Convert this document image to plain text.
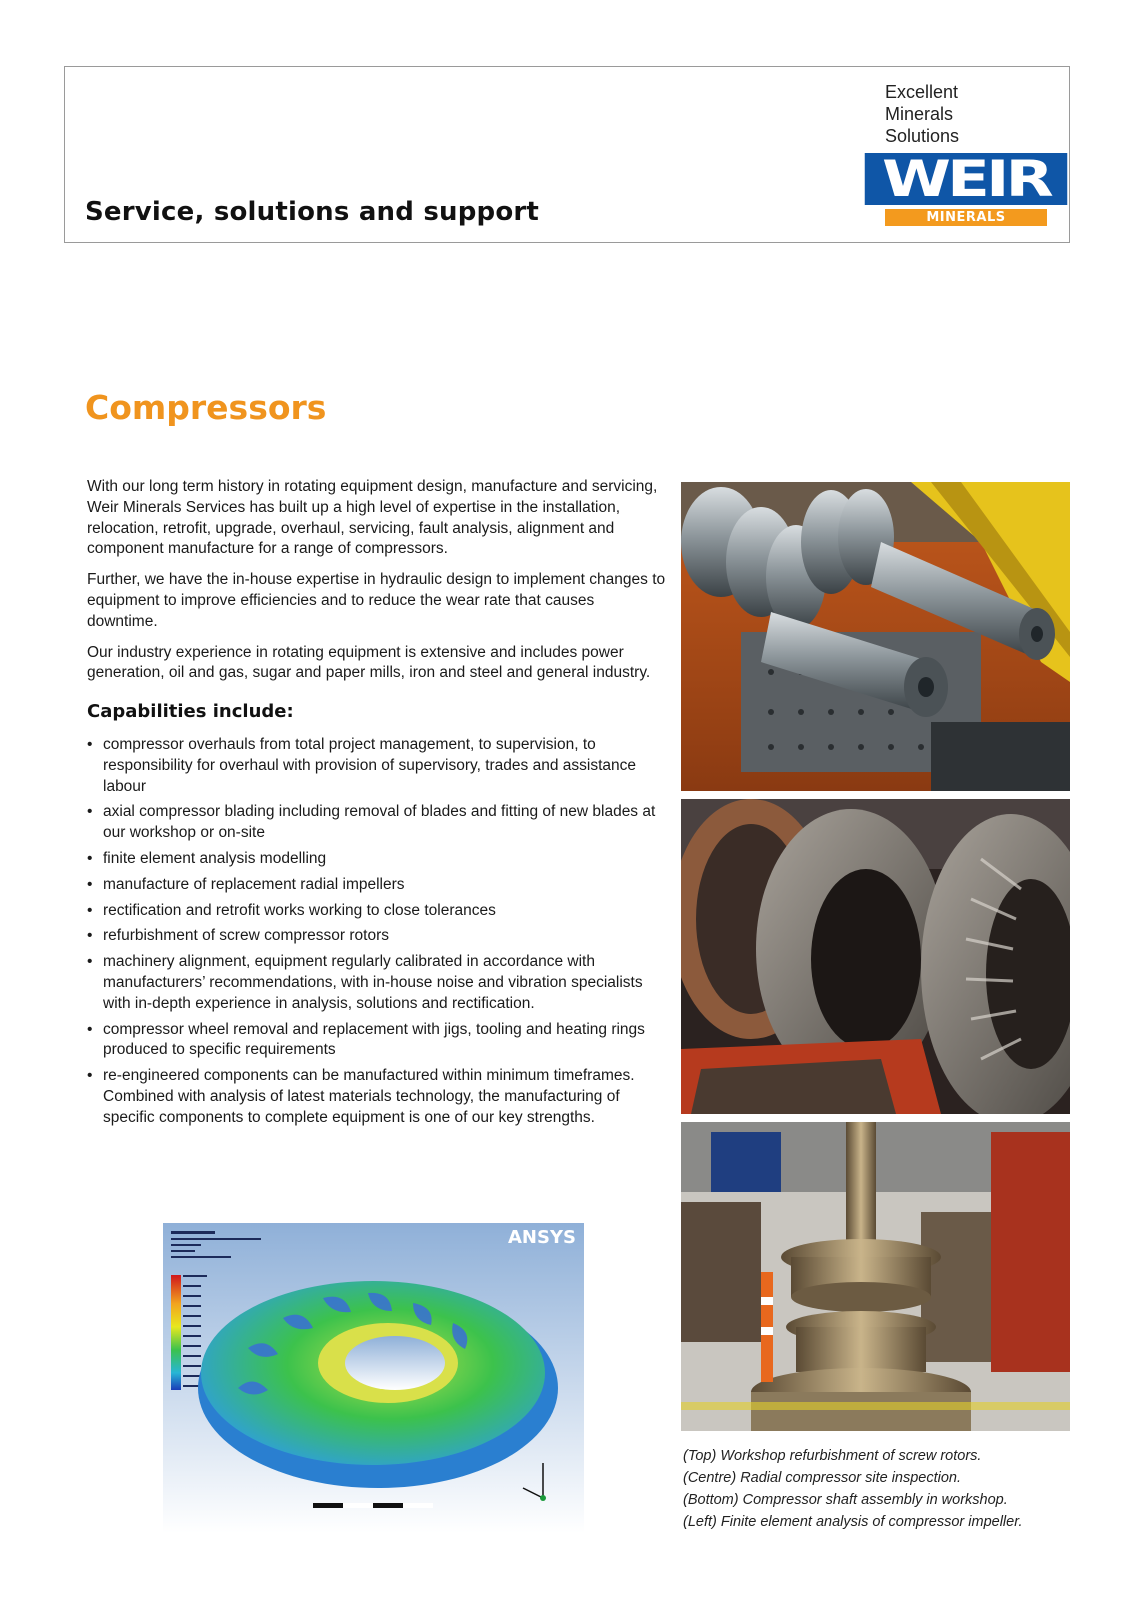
Service, solutions and support
Excellent
Minerals
Solutions
WEIR
MINERALS
Compressors

With our long term history in rotating equipment design, manufacture and servicing, Weir Minerals Services has built up a high level of expertise in the installation, relocation, retrofit, upgrade, overhaul, servicing, fault analysis, alignment and component manufacture for a range of compressors.

Further, we have the in-house expertise in hydraulic design to implement changes to equipment to improve efficiencies and to reduce the wear rate that causes downtime.

Our industry experience in rotating equipment is extensive and includes power generation, oil and gas, sugar and paper mills, iron and steel and general industry.

Capabilities include:
• compressor overhauls from total project management, to supervision, to responsibility for overhaul with provision of supervisory, trades and assistance labour
• axial compressor blading including removal of blades and fitting of new blades at our workshop or on-site
• finite element analysis modelling
• manufacture of replacement radial impellers
• rectification and retrofit works working to close tolerances
• refurbishment of screw compressor rotors
• machinery alignment, equipment regularly calibrated in accordance with manufacturers’ recommendations, with in-house noise and vibration specialists with in-depth experience in analysis, solutions and rectification.
• compressor wheel removal and replacement with jigs, tooling and heating rings produced to specific requirements
• re-engineered components can be manufactured within minimum timeframes. Combined with analysis of latest materials technology, the manufacturing of specific components to complete equipment is one of our key strengths.
ANSYS
(Top) Workshop refurbishment of screw rotors.
(Centre) Radial compressor site inspection.
(Bottom) Compressor shaft assembly in workshop.
(Left) Finite element analysis of compressor impeller.
